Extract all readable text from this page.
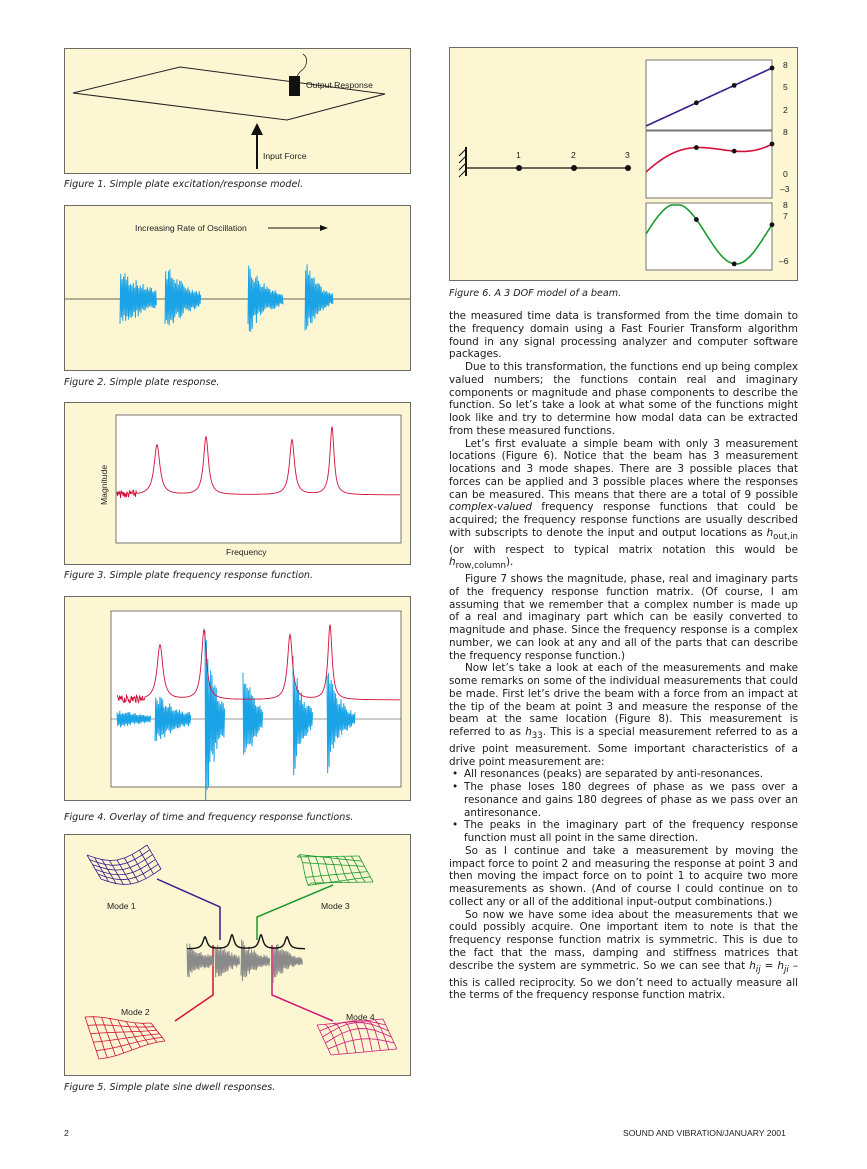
Output Response
Input Force
Figure 1. Simple plate excitation/response model.
Increasing Rate of Oscillation
Figure 2. Simple plate response.
Magnitude
Frequency
Figure 3. Simple plate frequency response function.
Figure 4. Overlay of time and frequency response functions.
Mode 1	Mode 3
Mode 2	Mode 4
Figure 5. Simple plate sine dwell responses.
1	2	3
8
5
2
8
0
–3
8
7
–6
Figure 6. A 3 DOF model of a beam.

the measured time data is transformed from the time domain to the frequency domain using a Fast Fourier Transform algorithm found in any signal processing analyzer and computer software packages.

Due to this transformation, the functions end up being complex valued numbers; the functions contain real and imaginary components or magnitude and phase components to describe the function. So let’s take a look at what some of the functions might look like and try to determine how modal data can be extracted from these measured functions.

Let’s first evaluate a simple beam with only 3 measurement locations (Figure 6). Notice that the beam has 3 measurement locations and 3 mode shapes. There are 3 possible places that forces can be applied and 3 possible places where the responses can be measured. This means that there are a total of 9 possible complex-valued frequency response functions that could be acquired; the frequency response functions are usually described with subscripts to denote the input and output locations as $h_{out,in}$ (or with respect to typical matrix notation this would be $h_{row,column}$).

Figure 7 shows the magnitude, phase, real and imaginary parts of the frequency response function matrix. (Of course, I am assuming that we remember that a complex number is made up of a real and imaginary part which can be easily converted to magnitude and phase. Since the frequency response is a complex number, we can look at any and all of the parts that can describe the frequency response function.)

Now let’s take a look at each of the measurements and make some remarks on some of the individual measurements that could be made. First let’s drive the beam with a force from an impact at the tip of the beam at point 3 and measure the response of the beam at the same location (Figure 8). This measurement is referred to as $h_{33}$. This is a special measurement referred to as a drive point measurement. Some important characteristics of a drive point measurement are:

• All resonances (peaks) are separated by anti-resonances.
• The phase loses 180 degrees of phase as we pass over a resonance and gains 180 degrees of phase as we pass over an antiresonance.
• The peaks in the imaginary part of the frequency response function must all point in the same direction.

So as I continue and take a measurement by moving the impact force to point 2 and measuring the response at point 3 and then moving the impact force on to point 1 to acquire two more measurements as shown. (And of course I could continue on to collect any or all of the additional input-output combinations.)

So now we have some idea about the measurements that we could possibly acquire. One important item to note is that the frequency response function matrix is symmetric. This is due to the fact that the mass, damping and stiffness matrices that describe the system are symmetric. So we can see that $h_{ij} = h_{ji}$ – this is called reciprocity. So we don’t need to actually measure all the terms of the frequency response function matrix.

2	SOUND AND VIBRATION/JANUARY 2001
